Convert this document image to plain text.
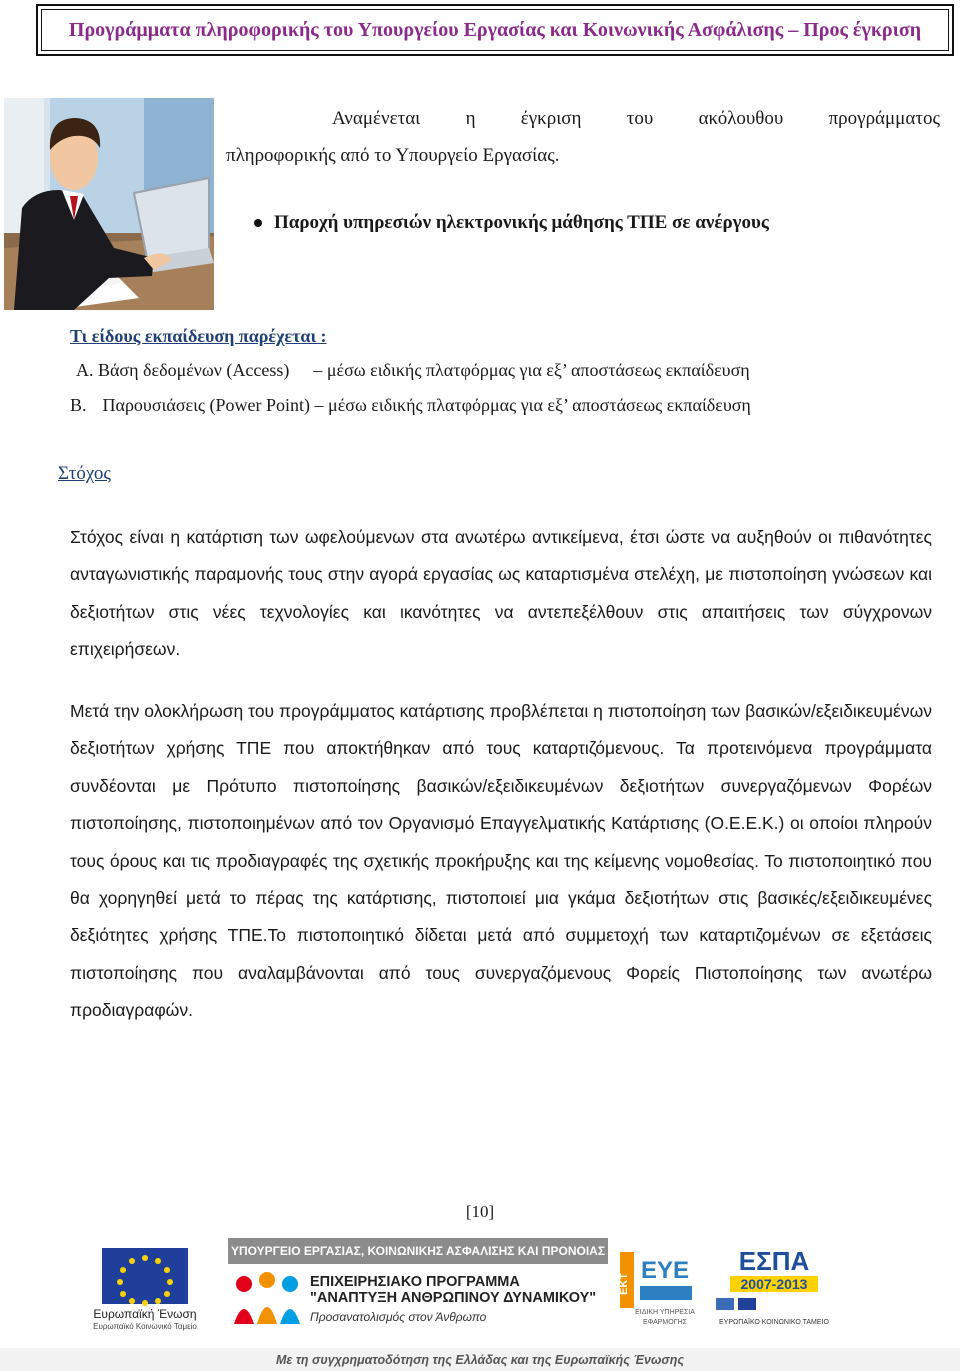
Προγράμματα πληροφορικής του Υπουργείου Εργασίας και Κοινωνικής Ασφάλισης – Προς έγκριση
Αναμένεται η έγκριση του ακόλουθου προγράμματος
πληροφορικής από το Υπουργείο Εργασίας.
Παροχή υπηρεσιών ηλεκτρονικής μάθησης ΤΠΕ σε ανέργους
Τι είδους εκπαίδευση παρέχεται :
Α. Βάση δεδομένων (Access) – μέσω ειδικής πλατφόρμας για εξ’ αποστάσεως εκπαίδευση
Β. Παρουσιάσεις (Power Point) – μέσω ειδικής πλατφόρμας για εξ’ αποστάσεως εκπαίδευση
Στόχος
Στόχος είναι η κατάρτιση των ωφελούμενων στα ανωτέρω αντικείμενα, έτσι ώστε να αυξηθούν οι πιθανότητες ανταγωνιστικής παραμονής τους στην αγορά εργασίας ως καταρτισμένα στελέχη, με πιστοποίηση γνώσεων και δεξιοτήτων στις νέες τεχνολογίες και ικανότητες να αντεπεξέλθουν στις απαιτήσεις των σύγχρονων επιχειρήσεων.
Μετά την ολοκλήρωση του προγράμματος κατάρτισης προβλέπεται η πιστοποίηση των βασικών/εξειδικευμένων δεξιοτήτων χρήσης ΤΠΕ που αποκτήθηκαν από τους καταρτιζόμενους. Τα προτεινόμενα προγράμματα συνδέονται με Πρότυπο πιστοποίησης βασικών/εξειδικευμένων δεξιοτήτων συνεργαζόμενων Φορέων πιστοποίησης, πιστοποιημένων από τον Οργανισμό Επαγγελματικής Κατάρτισης (Ο.Ε.Ε.Κ.) οι οποίοι πληρούν τους όρους και τις προδιαγραφές της σχετικής προκήρυξης και της κείμενης νομοθεσίας. Το πιστοποιητικό που θα χορηγηθεί μετά το πέρας της κατάρτισης, πιστοποιεί μια γκάμα δεξιοτήτων στις βασικές/εξειδικευμένες δεξιότητες χρήσης ΤΠΕ.Το πιστοποιητικό δίδεται μετά από συμμετοχή των καταρτιζομένων σε εξετάσεις πιστοποίησης που αναλαμβάνονται από τους συνεργαζόμενους Φορείς Πιστοποίησης των ανωτέρω προδιαγραφών.
[10]
Ευρωπαϊκή Ένωση
Ευρωπαϊκό Κοινωνικό Ταμείο
ΥΠΟΥΡΓΕΙΟ ΕΡΓΑΣΙΑΣ, ΚΟΙΝΩΝΙΚΗΣ ΑΣΦΑΛΙΣΗΣ ΚΑΙ ΠΡΟΝΟΙΑΣ
ΕΠΙΧΕΙΡΗΣΙΑΚΟ ΠΡΟΓΡΑΜΜΑ
"ΑΝΑΠΤΥΞΗ ΑΝΘΡΩΠΙΝΟΥ ΔΥΝΑΜΙΚΟΥ"
Προσανατολισμός στον Άνθρωπο
ΕΚΤ ΕΥΕ
ΕΙΔΙΚΗ ΥΠΗΡΕΣΙΑ
ΕΦΑΡΜΟΓΗΣ
ΕΣΠΑ
2007-2013
ΕΥΡΩΠΑΪΚΟ ΚΟΙΝΩΝΙΚΟ ΤΑΜΕΙΟ
Με τη συγχρηματοδότηση της Ελλάδας και της Ευρωπαϊκής Ένωσης
